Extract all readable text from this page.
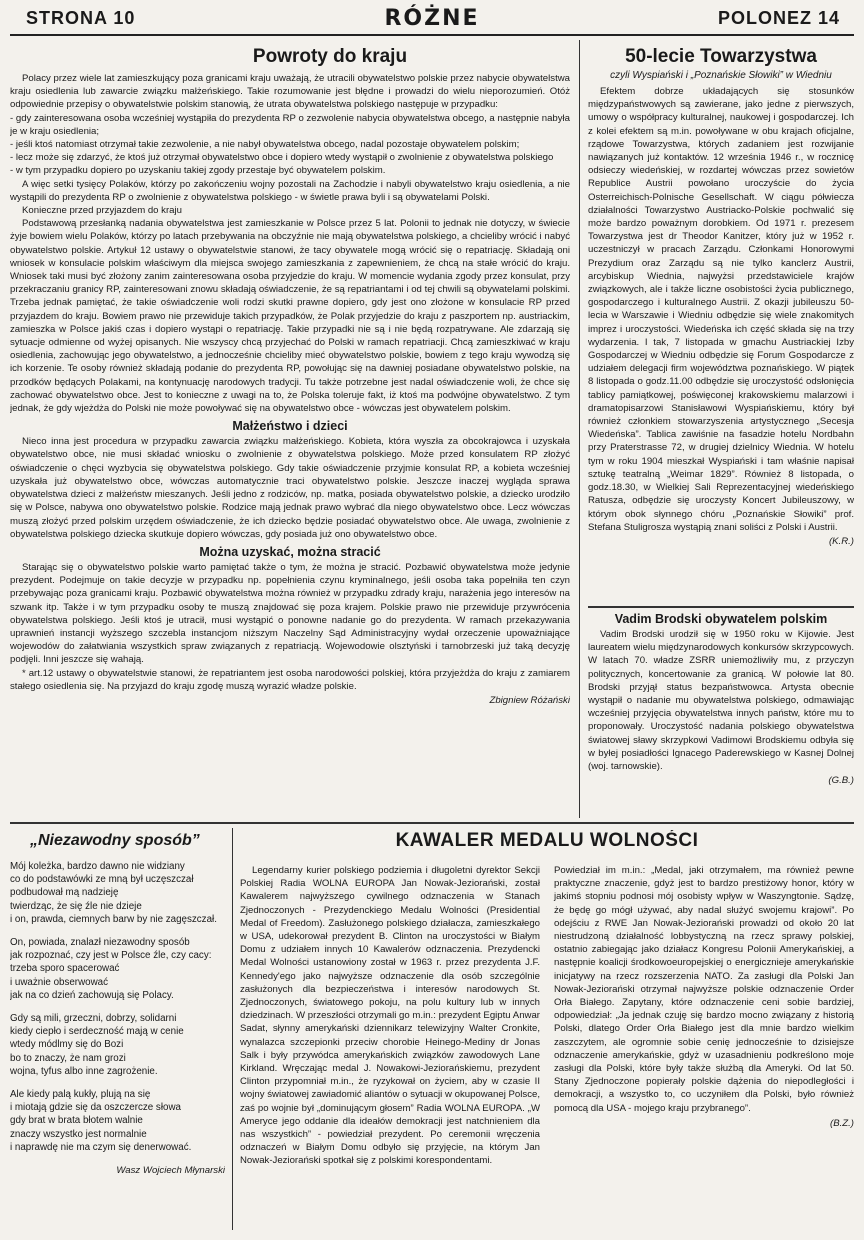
STRONA 10	RÓŻNE	POLONEZ 14
Powroty do kraju

Polacy przez wiele lat zamieszkujący poza granicami kraju uważają, że utracili obywatelstwo polskie przez nabycie obywatelstwa kraju osiedlenia lub zawarcie związku małżeńskiego. Takie rozumowanie jest błędne i prowadzi do wielu nieporozumień. Otóż odpowiednie przepisy o obywatelstwie polskim stanowią, że utrata obywatelstwa polskiego następuje w przypadku:

- gdy zainteresowana osoba wcześniej wystąpiła do prezydenta RP o zezwolenie nabycia obywatelstwa obcego, a następnie nabyła je w kraju osiedlenia;

- jeśli ktoś natomiast otrzymał takie zezwolenie, a nie nabył obywatelstwa obcego, nadal pozostaje obywatelem polskim;

- lecz może się zdarzyć, że ktoś już otrzymał obywatelstwo obce i dopiero wtedy wystąpił o zwolnienie z obywatelstwa polskiego

- w tym przypadku dopiero po uzyskaniu takiej zgody przestaje być obywatelem polskim.

A więc setki tysięcy Polaków, którzy po zakończeniu wojny pozostali na Zachodzie i nabyli obywatelstwo kraju osiedlenia, a nie wystąpili do prezydenta RP o zwolnienie z obywatelstwa polskiego - w świetle prawa byli i są obywatelami Polski.

Konieczne przed przyjazdem do kraju

Podstawową przesłanką nadania obywatelstwa jest zamieszkanie w Polsce przez 5 lat. Polonii to jednak nie dotyczy, w świecie żyje bowiem wielu Polaków, którzy po latach przebywania na obczyźnie nie mają obywatelstwa polskiego, a chcieliby wrócić i nabyć obywatelstwo polskie. Artykuł 12 ustawy o obywatelstwie stanowi, że tacy obywatele mogą wrócić się o repatriację. Składają oni wniosek w konsulacie polskim właściwym dla miejsca swojego zamieszkania z zapewnieniem, że chcą na stałe wrócić do kraju. Wniosek taki musi być złożony zanim zainteresowana osoba przyjedzie do kraju. W momencie wydania zgody przez konsulat, przy przekraczaniu granicy RP, zainteresowani znowu składają oświadczenie, że są repatriantami i od tej chwili są obywatelami polskimi. Trzeba jednak pamiętać, że takie oświadczenie woli rodzi skutki prawne dopiero, gdy jest ono złożone w konsulacie RP przed przyjazdem do kraju. Bowiem prawo nie przewiduje takich przypadków, że Polak przyjedzie do kraju z paszportem np. austriackim, zamieszka w Polsce jakiś czas i dopiero wystąpi o repatriację. Takie przypadki nie są i nie będą rozpatrywane. Ale zdarzają się sytuacje odmienne od wyżej opisanych. Nie wszyscy chcą przyjechać do Polski w ramach repatriacji. Chcą zamieszkiwać w kraju osiedlenia, zachowując jego obywatelstwo, a jednocześnie chcieliby mieć obywatelstwo polskie, bowiem z tego kraju wywodzą się ich korzenie. Te osoby również składają podanie do prezydenta RP, powołując się na dawniej posiadane obywatelstwo polskie, na przodków będących Polakami, na kontynuację narodowych tradycji. Tu także potrzebne jest nadal oświadczenie woli, że chce się zachować obywatelstwo obce. Jest to konieczne z uwagi na to, że Polska toleruje fakt, iż ktoś ma podwójne obywatelstwo. Z tym jednak, że gdy wjeżdża do Polski nie może powoływać się na obywatelstwo obce - wówczas jest obywatelem polskim.

Małżeństwo i dzieci

Nieco inna jest procedura w przypadku zawarcia związku małżeńskiego. Kobieta, która wyszła za obcokrajowca i uzyskała obywatelstwo obce, nie musi składać wniosku o zwolnienie z obywatelstwa polskiego. Może przed konsulatem RP złożyć oświadczenie o chęci wyzbycia się obywatelstwa polskiego. Gdy takie oświadczenie przyjmie konsulat RP, a kobieta wcześniej uzyskała już obywatelstwo obce, wówczas automatycznie traci obywatelstwo polskie. Jeszcze inaczej wygląda sprawa obywatelstwa dzieci z małżeństw mieszanych. Jeśli jedno z rodziców, np. matka, posiada obywatelstwo polskie, a dziecko urodziło się w Polsce, nabywa ono obywatelstwo polskie. Rodzice mają jednak prawo wybrać dla niego obywatelstwo obce. Lecz wówczas muszą złożyć przed polskim urzędem oświadczenie, że ich dziecko będzie posiadać obywatelstwo obce. Ale uwaga, zwolnienie z obywatelstwa polskiego dziecka skutkuje dopiero wówczas, gdy posiada już ono obywatelstwo obce.

Można uzyskać, można stracić

Starając się o obywatelstwo polskie warto pamiętać także o tym, że można je stracić. Pozbawić obywatelstwa może jedynie prezydent. Podejmuje on takie decyzje w przypadku np. popełnienia czynu kryminalnego, jeśli osoba taka popełniła ten czyn przebywając poza granicami kraju. Pozbawić obywatelstwa można również w przypadku zdrady kraju, narażenia jego interesów na szwank itp. Także i w tym przypadku osoby te muszą znajdować się poza krajem. Polskie prawo nie przewiduje przywrócenia obywatelstwa polskiego. Jeśli ktoś je utracił, musi wystąpić o ponowne nadanie go do prezydenta. W ramach przekazywania uprawnień instancji wyższego szczebla instancjom niższym Naczelny Sąd Administracyjny wydał orzeczenie upoważniające wojewodów do załatwiania wszystkich spraw związanych z repatriacją. Wojewodowie olsztyński i tarnobrzeski już taką decyzję podjęli. Inni jeszcze się wahają.

* art.12 ustawy o obywatelstwie stanowi, że repatriantem jest osoba narodowości polskiej, która przyjeżdża do kraju z zamiarem stałego osiedlenia się. Na przyjazd do kraju zgodę muszą wyrazić władze polskie.

Zbigniew Różański
50-lecie Towarzystwa
czyli Wyspiański i „Poznańskie Słowiki” w Wiedniu

Efektem dobrze układających się stosunków międzypaństwowych są zawierane, jako jedne z pierwszych, umowy o współpracy kulturalnej, naukowej i gospodarczej. Ich z kolei efektem są m.in. powoływane w obu krajach oficjalne, rządowe Towarzystwa, których zadaniem jest rozwijanie nawiązanych już kontaktów. 12 września 1946 r., w rocznicę odsieczy wiedeńskiej, w rozdartej wówczas przez sowietów Republice Austrii powołano uroczyście do życia Osterreichisch-Polnische Gesellschaft. W ciągu półwiecza działalności Towarzystwo Austriacko-Polskie pochwalić się może bardzo poważnym dorobkiem. Od 1971 r. prezesem Towarzystwa jest dr Theodor Kanitzer, który już w 1952 r. uczestniczył w pracach Zarządu. Członkami Honorowymi Prezydium oraz Zarządu są nie tylko kanclerz Austrii, arcybiskup Wiednia, najwyżsi przedstawiciele krajów związkowych, ale i także liczne osobistości życia publicznego, gospodarczego i kulturalnego Austrii. Z okazji jubileuszu 50-lecia w Warszawie i Wiedniu odbędzie się wiele znakomitych imprez i uroczystości. Wiedeńska ich część składa się na trzy wydarzenia. I tak, 7 listopada w gmachu Austriackiej Izby Gospodarczej w Wiedniu odbędzie się Forum Gospodarcze z udziałem delegacji firm województwa poznańskiego. W piątek 8 listopada o godz.11.00 odbędzie się uroczystość odsłonięcia tablicy pamiątkowej, poświęconej krakowskiemu malarzowi i dramatopisarzowi Stanisławowi Wyspiańskiemu, który był również członkiem stowarzyszenia artystycznego „Secesja Wiedeńska”. Tablica zawiśnie na fasadzie hotelu Nordbahn przy Praterstrasse 72, w drugiej dzielnicy Wiednia. W hotelu tym w roku 1904 mieszkał Wyspiański i tam właśnie napisał sztukę teatralną „Weimar 1829”. Również 8 listopada, o godz.18.30, w Wielkiej Sali Reprezentacyjnej wiedeńskiego Ratusza, odbędzie się uroczysty Koncert Jubileuszowy, w którym obok słynnego chóru „Poznańskie Słowiki” prof. Stefana Stuligrosza wystąpią znani soliści z Polski i Austrii.

(K.R.)
Vadim Brodski obywatelem polskim

Vadim Brodski urodził się w 1950 roku w Kijowie. Jest laureatem wielu międzynarodowych konkursów skrzypcowych. W latach 70. władze ZSRR uniemożliwiły mu, z przyczyn politycznych, koncertowanie za granicą. W połowie lat 80. Brodski przyjął status bezpaństwowca. Artysta obecnie wystąpił o nadanie mu obywatelstwa polskiego, odmawiając wcześniej przyjęcia obywatelstwa innych państw, które mu to proponowały. Uroczystość nadania polskiego obywatelstwa światowej sławy skrzypkowi Vadimowi Brodskiemu odbyła się w byłej posiadłości Ignacego Paderewskiego w Kasnej Dolnej (woj. tarnowskie).

(G.B.)
„Niezawodny sposób”
Mój koleżka, bardzo dawno nie widziany
co do podstawówki ze mną był uczęszczał
podbudował mą nadzieję
twierdząc, że się źle nie dzieje
i on, prawda, ciemnych barw by nie zagęszczał.
On, powiada, znalazł niezawodny sposób
jak rozpoznać, czy jest w Polsce źle, czy cacy:
trzeba sporo spacerować
i uważnie obserwować
jak na co dzień zachowują się Polacy.
Gdy są mili, grzeczni, dobrzy, solidarni
kiedy ciepło i serdeczność mają w cenie
wtedy módlmy się do Bozi
bo to znaczy, że nam grozi
wojna, tyfus albo inne zagrożenie.
Ale kiedy palą kukły, plują na się
i miotają gdzie się da oszczercze słowa
gdy brat w brata błotem walnie
znaczy wszystko jest normalnie
i naprawdę nie ma czym się denerwować.
Wasz Wojciech Młynarski
KAWALER MEDALU WOLNOŚCI

Legendarny kurier polskiego podziemia i długoletni dyrektor Sekcji Polskiej Radia WOLNA EUROPA Jan Nowak-Jeziorański, został Kawalerem najwyższego cywilnego odznaczenia w Stanach Zjednoczonych - Prezydenckiego Medalu Wolności (Presidential Medal of Freedom). Zasłużonego polskiego działacza, zamieszkałego w USA, udekorował prezydent B. Clinton na uroczystości w Białym Domu z udziałem innych 10 Kawalerów odznaczenia. Prezydencki Medal Wolności ustanowiony został w 1963 r. przez prezydenta J.F. Kennedy'ego jako najwyższe odznaczenie dla osób szczególnie zasłużonych dla bezpieczeństwa i interesów narodowych St. Zjednoczonych, światowego pokoju, na polu kultury lub w innych dziedzinach. W przeszłości otrzymali go m.in.: prezydent Egiptu Anwar Sadat, słynny amerykański dziennikarz telewizyjny Walter Cronkite, wynalazca szczepionki przeciw chorobie Heinego-Mediny dr Jonas Salk i były przywódca amerykańskich związków zawodowych Lane Kirkland. Wręczając medal J. Nowakowi-Jeziorańskiemu, prezydent Clinton przypomniał m.in., że ryzykował on życiem, aby w czasie II wojny światowej zawiadomić aliantów o sytuacji w okupowanej Polsce, zaś po wojnie był „dominującym głosem” Radia WOLNA EUROPA. „W Ameryce jego oddanie dla ideałów demokracji jest natchnieniem dla nas wszystkich” - powiedział prezydent. Po ceremonii wręczenia odznaczeń w Białym Domu odbyło się przyjęcie, na którym Jan Nowak-Jeziorański spotkał się z polskimi korespondentami.

Powiedział im m.in.: „Medal, jaki otrzymałem, ma również pewne praktyczne znaczenie, gdyż jest to bardzo prestiżowy honor, który w jakimś stopniu podnosi mój osobisty wpływ w Waszyngtonie. Sądzę, że będę go mógł używać, aby nadal służyć swojemu krajowi”. Po odejściu z RWE Jan Nowak-Jeziorański prowadzi od około 20 lat niestrudzoną działalność lobbystyczną na rzecz sprawy polskiej, ostatnio zabiegając jako działacz Kongresu Polonii Amerykańskiej, a następnie koalicji środkowoeuropejskiej o energicznieje amerykańskie inicjatywy na rzecz rozszerzenia NATO. Za zasługi dla Polski Jan Nowak-Jeziorański otrzymał najwyższe polskie odznaczenie Order Orła Białego. Zapytany, które odznaczenie ceni sobie bardziej, odpowiedział: „Ja jednak czuję się bardzo mocno związany z historią Polski, dlatego Order Orła Białego jest dla mnie bardzo wielkim zaszczytem, ale ogromnie sobie cenię jednocześnie to dzisiejsze odznaczenie amerykańskie, gdyż w uzasadnieniu podkreślono moje zasługi dla Polski, które były także służbą dla Ameryki. Od lat 50. Stany Zjednoczone popierały polskie dążenia do niepodległości i demokracji, a wszystko to, co uczyniłem dla Polski, było również pomocą dla USA - mojego kraju przybranego”.

(B.Z.)
